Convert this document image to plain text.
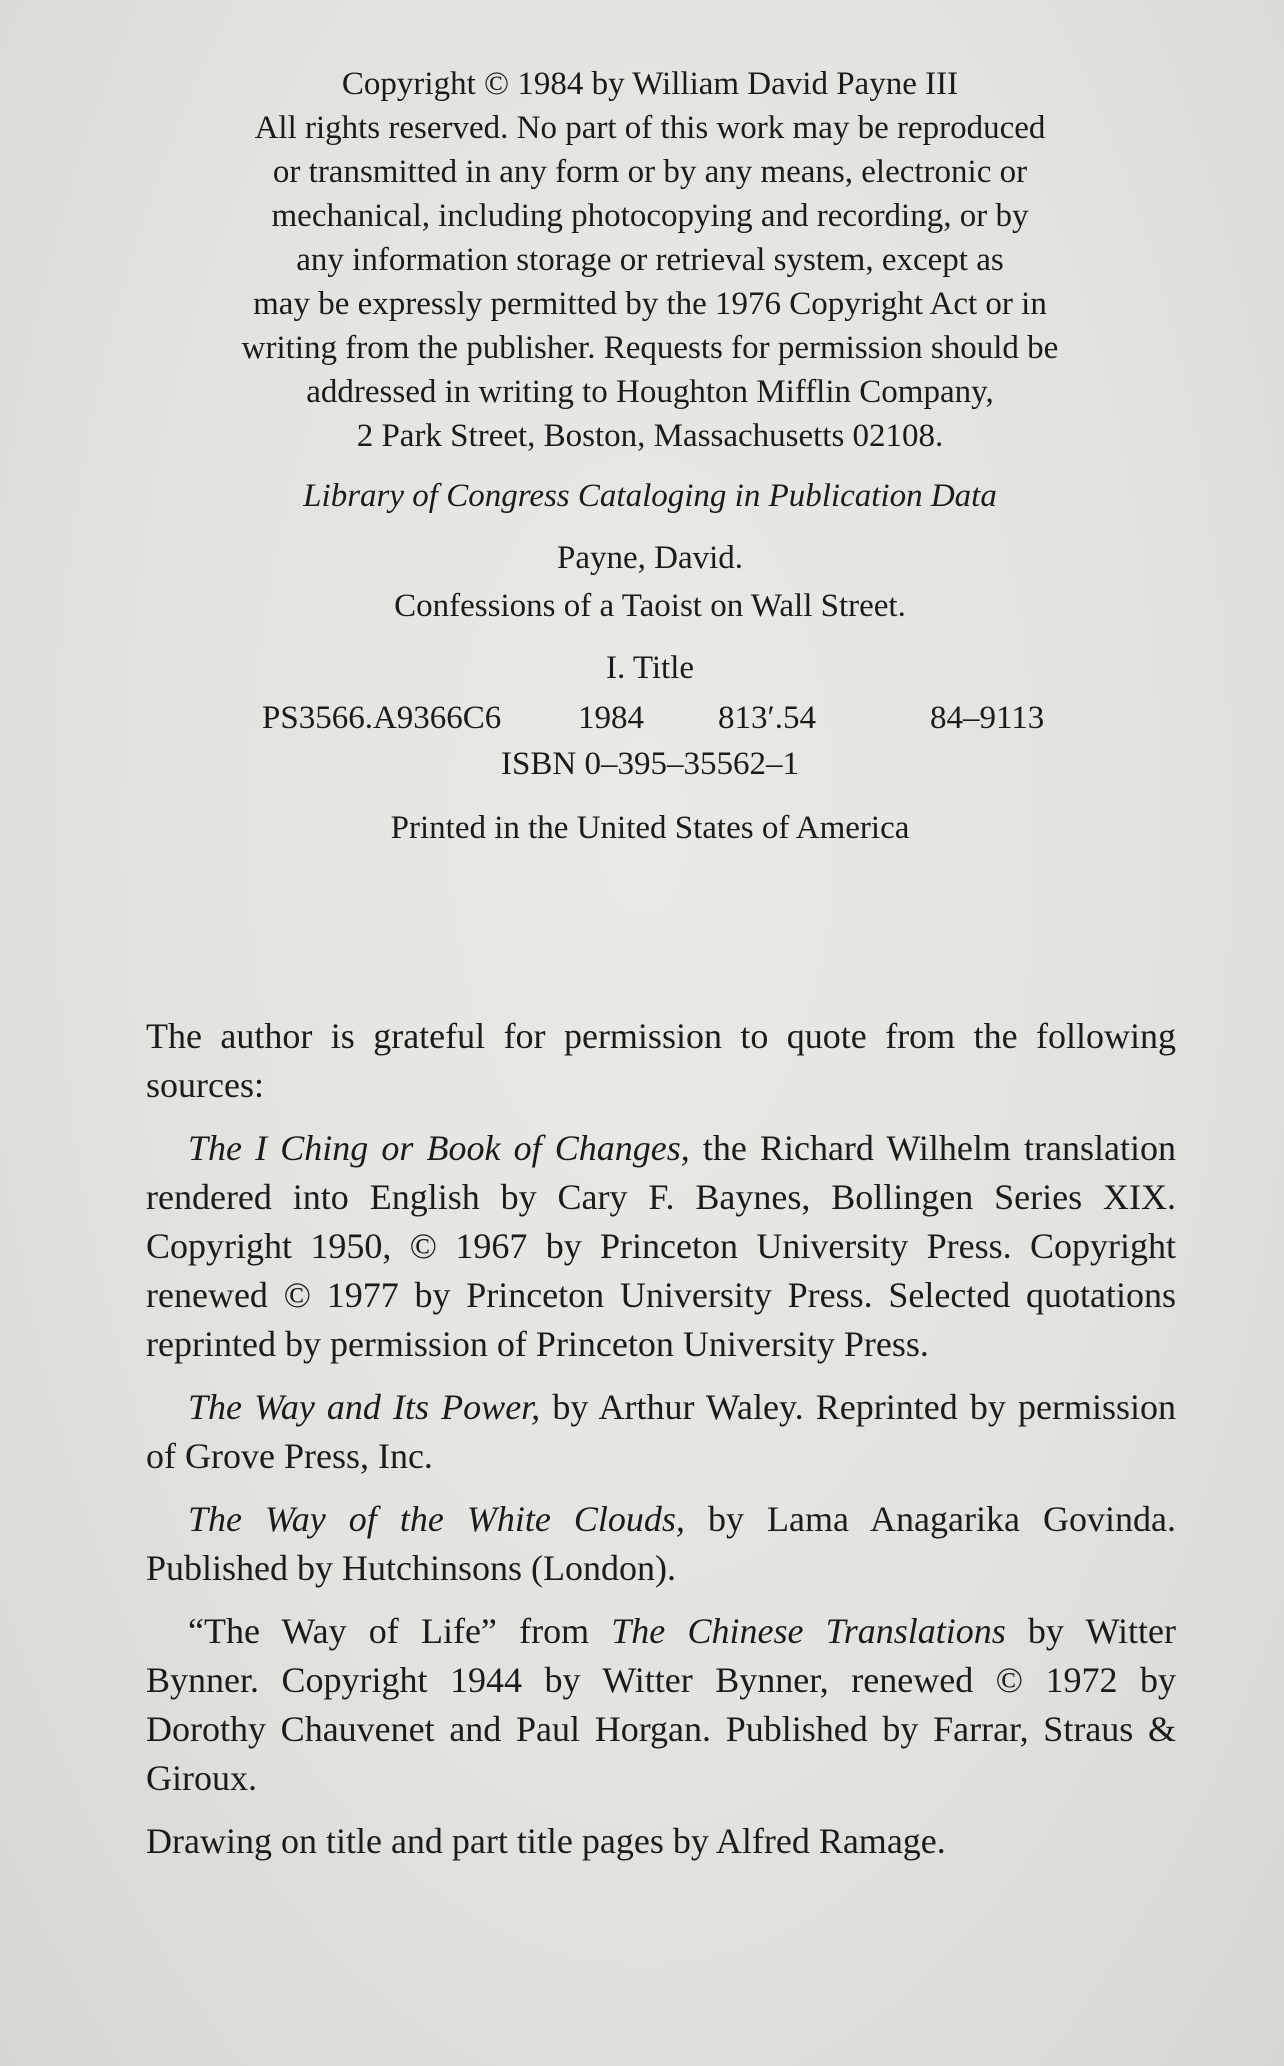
Copyright © 1984 by William David Payne III
All rights reserved. No part of this work may be reproduced
or transmitted in any form or by any means, electronic or
mechanical, including photocopying and recording, or by
any information storage or retrieval system, except as
may be expressly permitted by the 1976 Copyright Act or in
writing from the publisher. Requests for permission should be
addressed in writing to Houghton Mifflin Company,
2 Park Street, Boston, Massachusetts 02108.
Library of Congress Cataloging in Publication Data
Payne, David.
Confessions of a Taoist on Wall Street.
I. Title
PS3566.A9366C6 1984 813′.54	84–9113
ISBN 0–395–35562–1
Printed in the United States of America

The author is grateful for permission to quote from the following sources:

The I Ching or Book of Changes, the Richard Wilhelm translation rendered into English by Cary F. Baynes, Bollingen Series XIX. Copyright 1950, © 1967 by Princeton University Press. Copyright renewed © 1977 by Princeton University Press. Selected quotations reprinted by permission of Princeton University Press.

The Way and Its Power, by Arthur Waley. Reprinted by permission of Grove Press, Inc.

The Way of the White Clouds, by Lama Anagarika Govinda. Published by Hutchinsons (London).

“The Way of Life” from The Chinese Translations by Witter Bynner. Copyright 1944 by Witter Bynner, renewed © 1972 by Dorothy Chauvenet and Paul Horgan. Published by Farrar, Straus & Giroux.

Drawing on title and part title pages by Alfred Ramage.
